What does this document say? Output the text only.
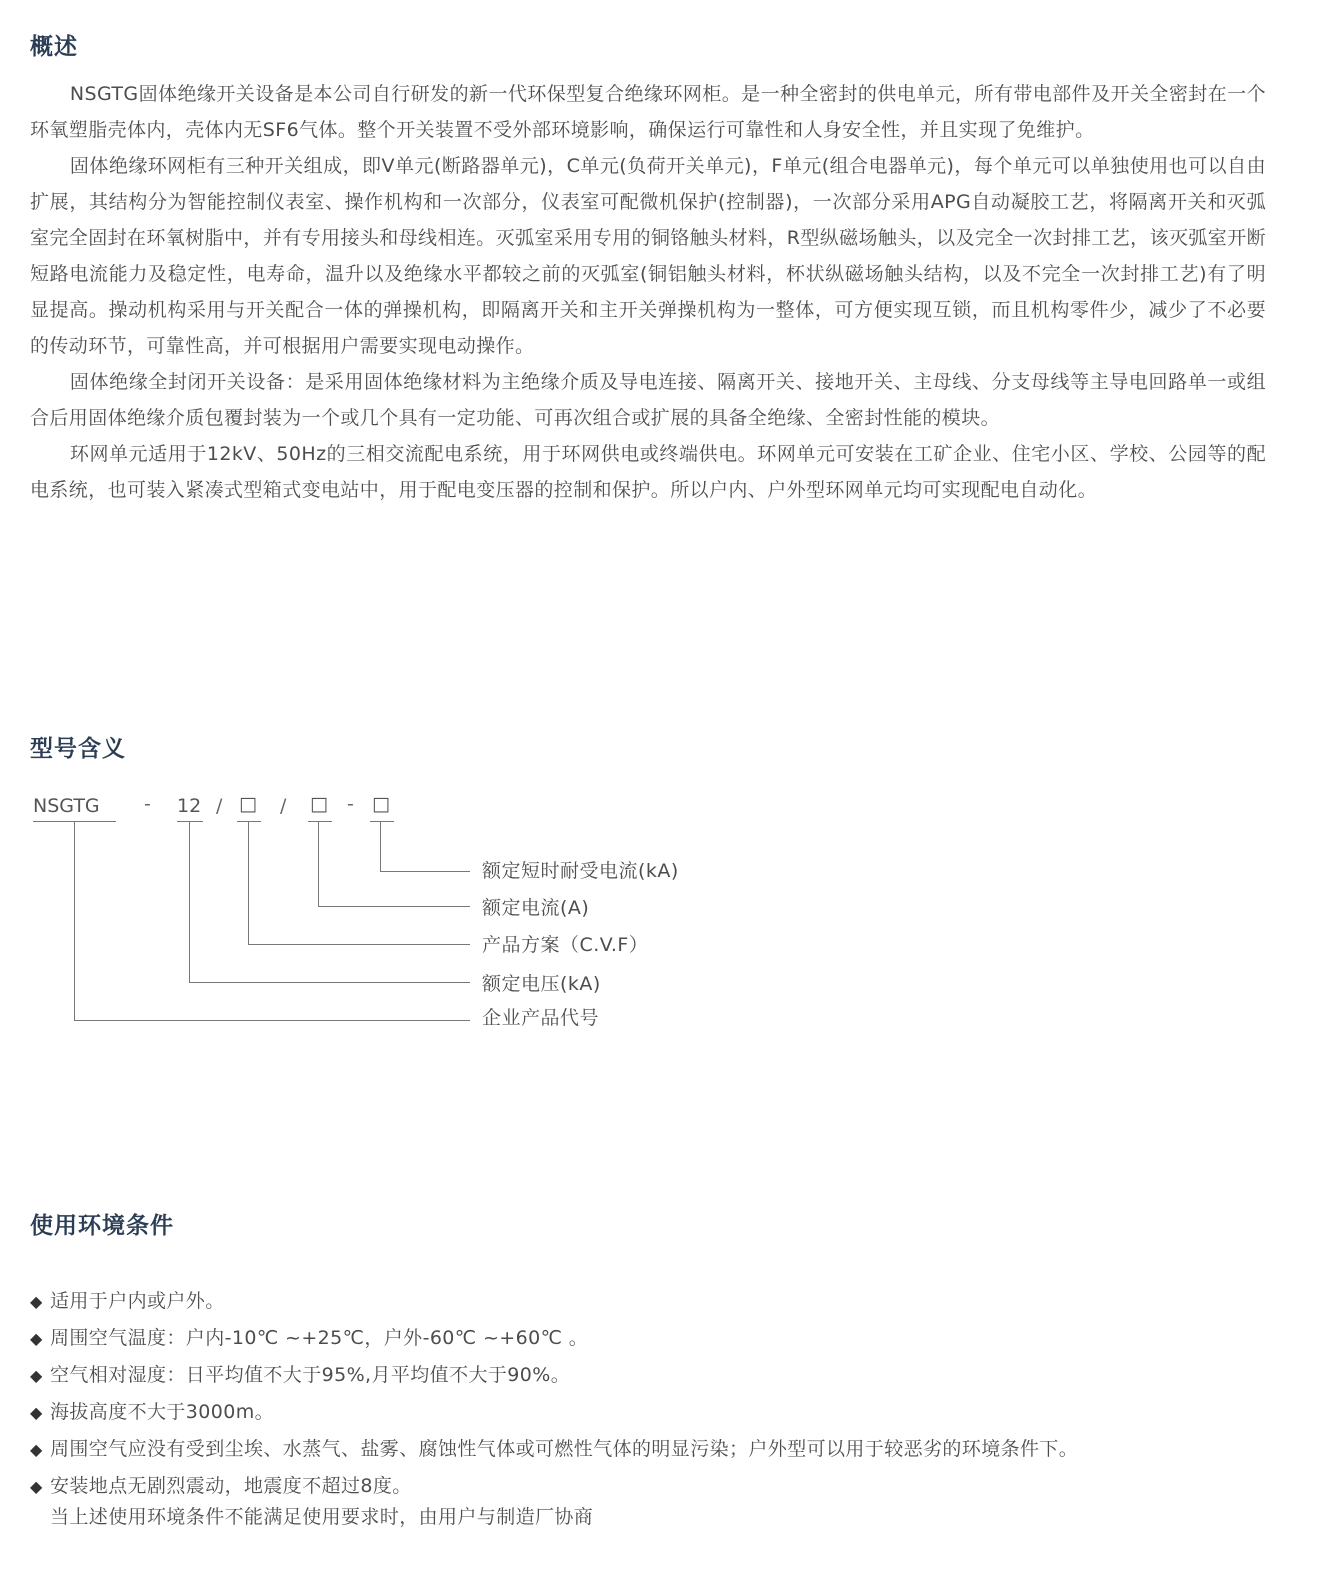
概述

NSGTG固体绝缘开关设备是本公司自行研发的新一代环保型复合绝缘环网柜。是一种全密封的供电单元，所有带电部件及开关全密封在一个环氧塑脂壳体内，壳体内无SF6气体。整个开关装置不受外部环境影响，确保运行可靠性和人身安全性，并且实现了免维护。

固体绝缘环网柜有三种开关组成，即V单元(断路器单元)，C单元(负荷开关单元)，F单元(组合电器单元)，每个单元可以单独使用也可以自由扩展，其结构分为智能控制仪表室、操作机构和一次部分，仪表室可配微机保护(控制器)，一次部分采用APG自动凝胶工艺，将隔离开关和灭弧室完全固封在环氧树脂中，并有专用接头和母线相连。灭弧室采用专用的铜铬触头材料，R型纵磁场触头，以及完全一次封排工艺，该灭弧室开断短路电流能力及稳定性，电寿命，温升以及绝缘水平都较之前的灭弧室(铜铝触头材料，杯状纵磁场触头结构，以及不完全一次封排工艺)有了明显提高。操动机构采用与开关配合一体的弹操机构，即隔离开关和主开关弹操机构为一整体，可方便实现互锁，而且机构零件少，减少了不必要的传动环节，可靠性高，并可根据用户需要实现电动操作。

固体绝缘全封闭开关设备：是采用固体绝缘材料为主绝缘介质及导电连接、隔离开关、接地开关、主母线、分支母线等主导电回路单一或组合后用固体绝缘介质包覆封装为一个或几个具有一定功能、可再次组合或扩展的具备全绝缘、全密封性能的模块。

环网单元适用于12kV、50Hz的三相交流配电系统，用于环网供电或终端供电。环网单元可安装在工矿企业、住宅小区、学校、公园等的配电系统，也可装入紧凑式型箱式变电站中，用于配电变压器的控制和保护。所以户内、户外型环网单元均可实现配电自动化。

型号含义
NSGTG - 12 / □ / □ - □
额定短时耐受电流(kA)
额定电流(A)
产品方案（C.V.F）
额定电压(kA)
企业产品代号
使用环境条件
◆ 适用于户内或户外。
◆ 周围空气温度：户内-10℃ ~+25℃，户外-60℃ ~+60℃ 。
◆ 空气相对湿度：日平均值不大于95%,月平均值不大于90%。
◆ 海拔高度不大于3000m。
◆ 周围空气应没有受到尘埃、水蒸气、盐雾、腐蚀性气体或可燃性气体的明显污染；户外型可以用于较恶劣的环境条件下。
◆ 安装地点无剧烈震动，地震度不超过8度。

当上述使用环境条件不能满足使用要求时，由用户与制造厂协商
